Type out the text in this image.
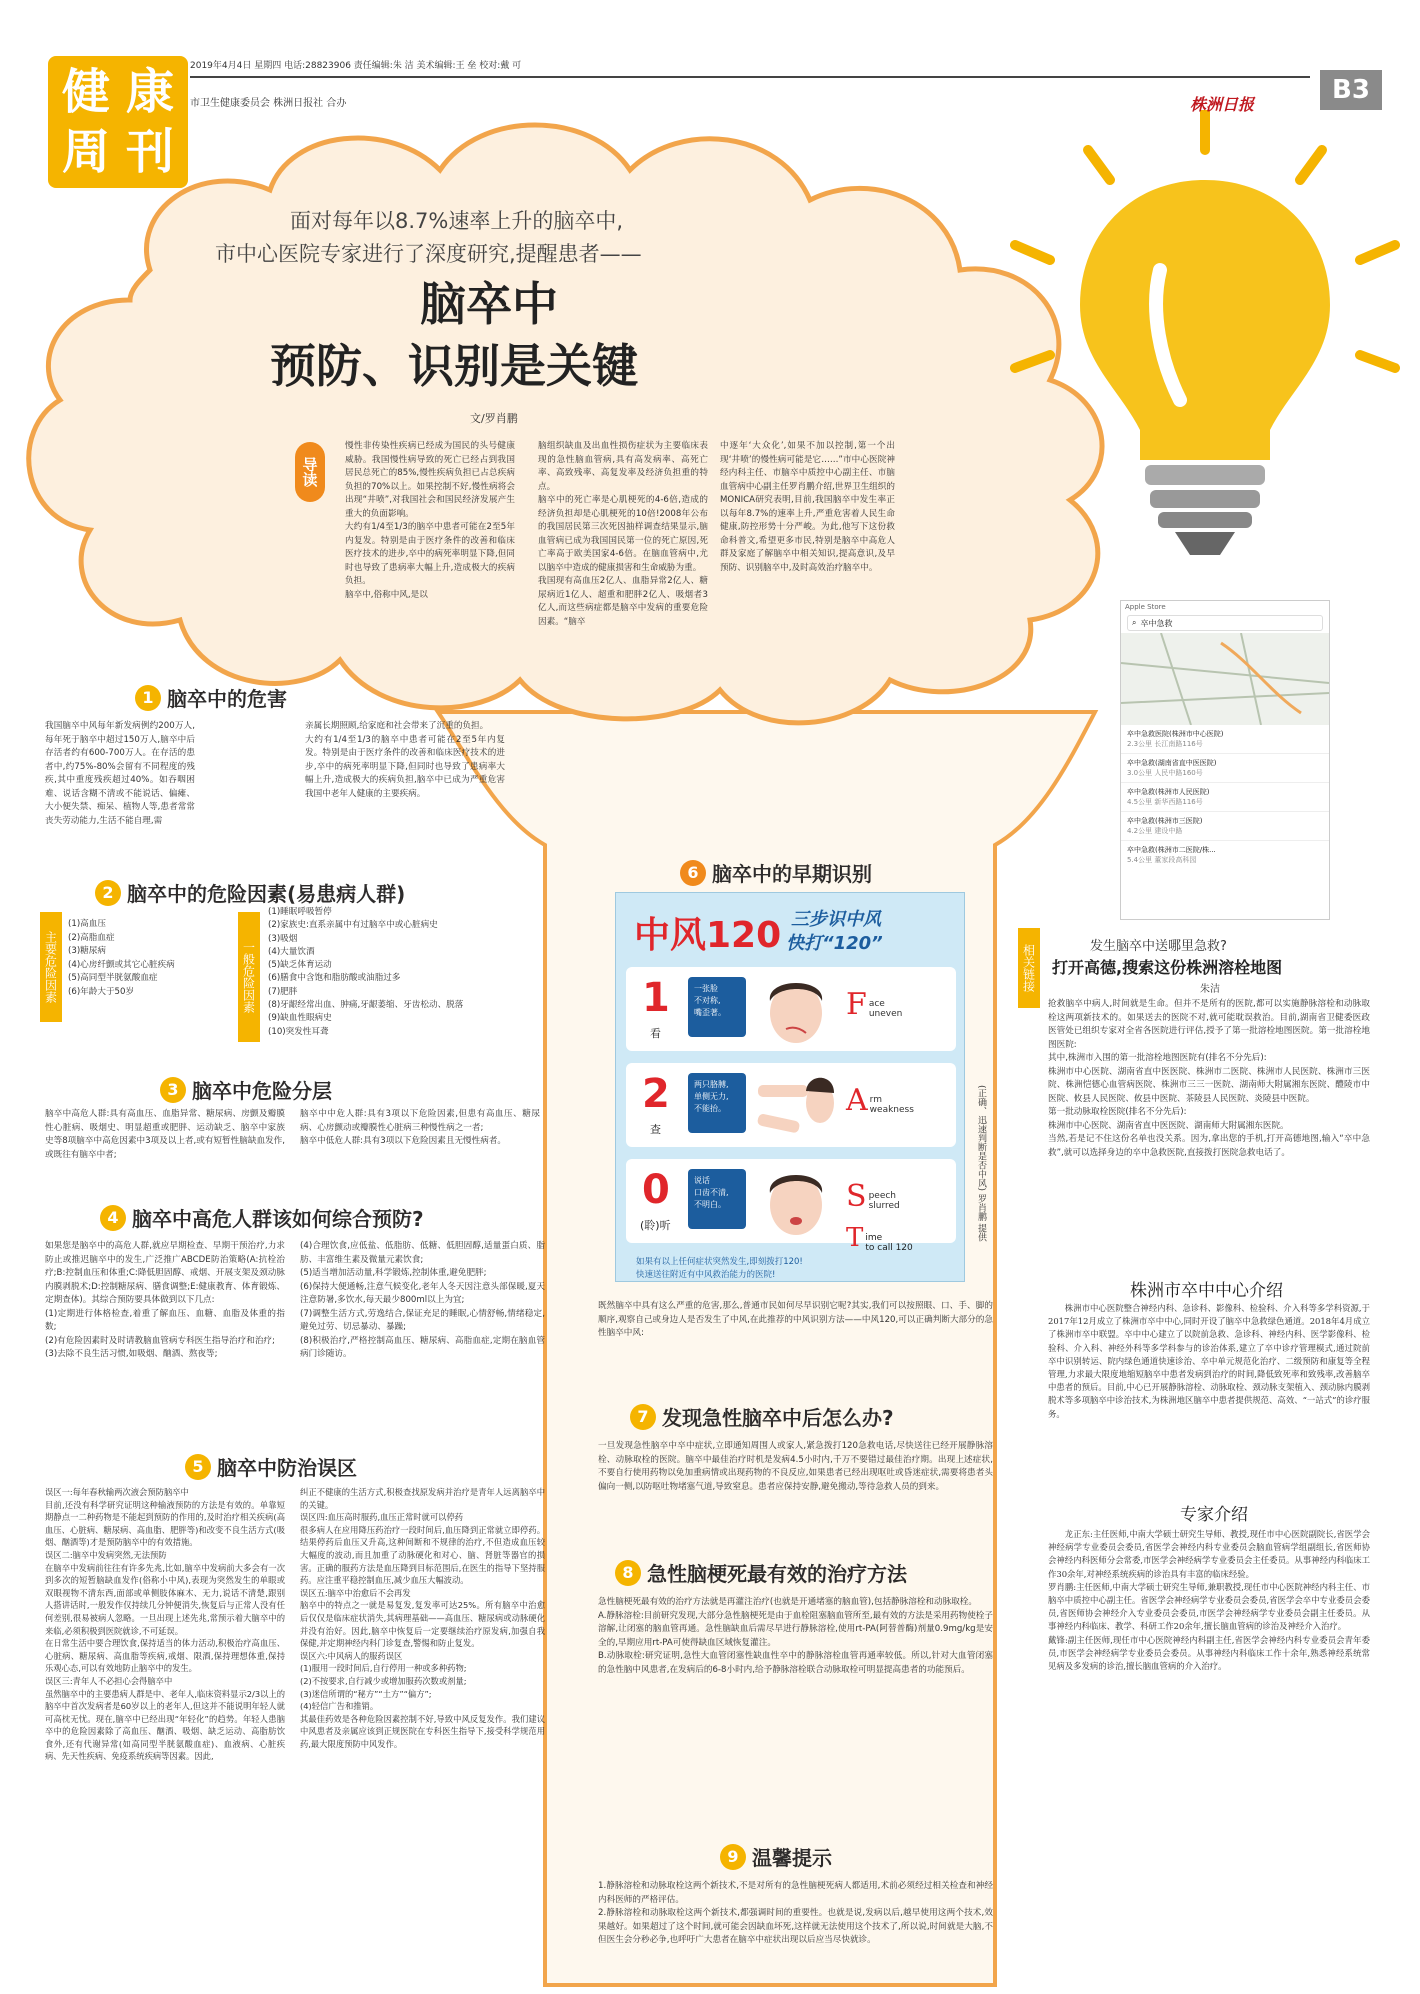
健 康
周 刊
2019年4月4日 星期四 电话:28823906 责任编辑:朱 洁 美术编辑:王 垒 校对:戴 可
市卫生健康委员会 株洲日报社 合办	株洲日报	B3
面对每年以8.7%速率上升的脑卒中,
市中心医院专家进行了深度研究,提醒患者——
脑卒中
预防、识别是关键
文/罗肖鹏
导读
慢性非传染性疾病已经成为国民的头号健康威胁。我国慢性病导致的死亡已经占到我国居民总死亡的85%,慢性疾病负担已占总疾病负担的70%以上。如果控制不好,慢性病将会出现“井喷”,对我国社会和国民经济发展产生重大的负面影响。
大约有1/4至1/3的脑卒中患者可能在2至5年内复发。特别是由于医疗条件的改善和临床医疗技术的进步,卒中的病死率明显下降,但同时也导致了患病率大幅上升,造成极大的疾病负担。
脑卒中,俗称中风,是以
脑组织缺血及出血性损伤症状为主要临床表现的急性脑血管病,具有高发病率、高死亡率、高致残率、高复发率及经济负担重的特点。
脑卒中的死亡率是心肌梗死的4-6倍,造成的经济负担却是心肌梗死的10倍!2008年公布的我国居民第三次死因抽样调查结果显示,脑血管病已成为我国国民第一位的死亡原因,死亡率高于欧美国家4-6倍。在脑血管病中,尤以脑卒中造成的健康损害和生命威胁为重。
我国现有高血压2亿人、血脂异常2亿人、糖尿病近1亿人、超重和肥胖2亿人、吸烟者3亿人,而这些病症都是脑卒中发病的重要危险因素。“脑卒
中逐年‘大众化’,如果不加以控制,第一个出现‘井喷’的慢性病可能是它……”市中心医院神经内科主任、市脑卒中质控中心副主任、市脑血管病中心副主任罗肖鹏介绍,世界卫生组织的MONICA研究表明,目前,我国脑卒中发生率正以每年8.7%的速率上升,严重危害着人民生命健康,防控形势十分严峻。为此,他写下这份救命科普文,希望更多市民,特别是脑卒中高危人群及家庭了解脑卒中相关知识,提高意识,及早预防、识别脑卒中,及时高效治疗脑卒中。
1 脑卒中的危害
我国脑卒中风每年新发病例约200万人,每年死于脑卒中超过150万人,脑卒中后存活者约有600-700万人。在存活的患者中,约75%-80%会留有不同程度的残疾,其中重度残疾超过40%。如吞咽困难、说话含糊不清或不能说话、偏瘫、大小便失禁、痴呆、植物人等,患者常常丧失劳动能力,生活不能自理,需
亲属长期照顾,给家庭和社会带来了沉重的负担。
大约有1/4至1/3的脑卒中患者可能在2至5年内复发。特别是由于医疗条件的改善和临床医疗技术的进步,卒中的病死率明显下降,但同时也导致了患病率大幅上升,造成极大的疾病负担,脑卒中已成为严重危害我国中老年人健康的主要疾病。
2 脑卒中的危险因素(易患病人群)
主要危险因素
(1)高血压
(2)高脂血症
(3)糖尿病
(4)心房纤颤或其它心脏疾病
(5)高同型半胱氨酸血症
(6)年龄大于50岁	一般危险因素
(1)睡眠呼吸暂停
(2)家族史:直系亲属中有过脑卒中或心脏病史
(3)吸烟
(4)大量饮酒
(5)缺乏体育运动
(6)膳食中含饱和脂肪酸或油脂过多
(7)肥胖
(8)牙龈经常出血、肿痛,牙龈萎缩、牙齿松动、脱落
(9)缺血性眼病史
(10)突发性耳聋
3 脑卒中危险分层
脑卒中高危人群:具有高血压、血脂异常、糖尿病、房颤及瓣膜性心脏病、吸烟史、明显超重或肥胖、运动缺乏、脑卒中家族史等8项脑卒中高危因素中3项及以上者,或有短暂性脑缺血发作,或既往有脑卒中者;
脑卒中中危人群:具有3项以下危险因素,但患有高血压、糖尿病、心房颤动或瓣膜性心脏病三种慢性病之一者;
脑卒中低危人群:具有3项以下危险因素且无慢性病者。
4 脑卒中高危人群该如何综合预防?
如果您是脑卒中的高危人群,就应早期检查、早期干预治疗,力求防止或推迟脑卒中的发生,广泛推广ABCDE防治策略(A:抗栓治疗;B:控制血压和体重;C:降低胆固醇、戒烟、开展支架及颈动脉内膜剥脱术;D:控制糖尿病、膳食调整;E:健康教育、体育锻炼、定期查体)。其综合预防要具体做到以下几点:
(1)定期进行体格检查,着重了解血压、血糖、血脂及体重的指数;
(2)有危险因素时及时请教脑血管病专科医生指导治疗和治疗;
(3)去除不良生活习惯,如吸烟、酗酒、熬夜等;
(4)合理饮食,应低盐、低脂肪、低糖、低胆固醇,适量蛋白质、脂肪、丰富维生素及微量元素饮食;
(5)适当增加活动量,科学锻炼,控制体重,避免肥胖;
(6)保持大便通畅,注意气候变化,老年人冬天因注意头部保暖,夏天注意防暑,多饮水,每天最少800ml以上为宜;
(7)调整生活方式,劳逸结合,保证充足的睡眠,心情舒畅,情绪稳定,避免过劳、切忌暴动、暴躁;
(8)积极治疗,严格控制高血压、糖尿病、高脂血症,定期在脑血管病门诊随访。
5 脑卒中防治误区
误区一:每年春秋输两次液会预防脑卒中
目前,还没有科学研究证明这种输液预防的方法是有效的。单靠短期静点一二种药物是不能起到预防的作用的,及时治疗相关疾病(高血压、心脏病、糖尿病、高血脂、肥胖等)和改变不良生活方式(吸烟、酗酒等)才是预防脑卒中的有效措施。
误区二:脑卒中发病突然,无法预防
在脑卒中发病前往往有许多先兆,比如,脑卒中发病前大多会有一次到多次的短暂脑缺血发作(俗称小中风),表现为突然发生的单眼或双眼视物不清东西,面部或单侧肢体麻木、无力,说话不清楚,跟别人搭讲话时,一般发作仅持续几分钟便消失,恢复后与正常人没有任何差别,很易被病人忽略。一旦出现上述先兆,常预示着大脑卒中的来临,必须积极到医院就诊,不可延误。
在日常生活中要合理饮食,保持适当的体力活动,积极治疗高血压、心脏病、糖尿病、高血脂等疾病,戒烟、限酒,保持理想体重,保持乐观心态,可以有效地防止脑卒中的发生。
误区三:青年人不必担心会得脑卒中
虽然脑卒中的主要患病人群是中、老年人,临床资料显示2/3以上的脑卒中首次发病者是60岁以上的老年人,但这并不能说明年轻人就可高枕无忧。现在,脑卒中已经出现“年轻化”的趋势。年轻人患脑卒中的危险因素除了高血压、酗酒、吸烟、缺乏运动、高脂肪饮食外,还有代谢异常(如高同型半胱氨酸血症)、血液病、心脏疾病、先天性疾病、免疫系统疾病等因素。因此,
纠正不健康的生活方式,积极查找原发病并治疗是青年人远离脑卒中的关键。
误区四:血压高时服药,血压正常时就可以停药
很多病人在应用降压药治疗一段时间后,血压降到正常就立即停药。结果停药后血压又升高,这种间断和不规律的治疗,不但造成血压较大幅度的波动,而且加重了动脉硬化和对心、脑、肾脏等器官的损害。正确的服药方法是血压降到目标范围后,在医生的指导下坚持服药。应注重平稳控制血压,减少血压大幅波动。
误区五:脑卒中治愈后不会再发
脑卒中的特点之一就是易复发,复发率可达25%。所有脑卒中治愈后仅仅是临床症状消失,其病理基础——高血压、糖尿病或动脉硬化并没有治好。因此,脑卒中恢复后一定要继续治疗原发病,加强自我保健,并定期神经内科门诊复查,警惕和防止复发。
误区六:中风病人的服药误区
(1)服用一段时间后,自行停用一种或多种药物;
(2)不按要求,自行减少或增加服药次数或剂量;
(3)迷信所谓的“秘方”“土方”“偏方”;
(4)轻信广告和推销。
其最佳药效是各种危险因素控制不好,导致中风反复发作。我们建议中风患者及亲属应该到正规医院在专科医生指导下,接受科学规范用药,最大限度预防中风发作。
6 脑卒中的早期识别
中风120 三步识中风
快打“120”
1
看
一张脸
不对称,
嘴歪著。	F ace
uneven
2
查
两只胳膊,
单侧无力,
不能抬。	A rm
weakness
0
(聆)听
说话
口齿不清,
不明白。	S peech
slurred
T ime
to call 120
如果有以上任何症状突然发生,即刻拨打120!
快速送往附近有中风救治能力的医院!
(正确、迅速判断是否中风) 罗肖鹏 提供
既然脑卒中具有这么严重的危害,那么,普通市民如何尽早识别它呢?其实,我们可以按照眼、口、手、脚的顺序,观察自己或身边人是否发生了中风,在此推荐的中风识别方法——中风120,可以正确判断大部分的急性脑卒中风:
7 发现急性脑卒中后怎么办?
一旦发现急性脑卒中卒中症状,立即通知周围人或家人,紧急拨打120急救电话,尽快送往已经开展静脉溶栓、动脉取栓的医院。脑卒中最佳治疗时机是发病4.5小时内,千万不要错过最佳治疗期。出现上述症状,不要自行使用药物以免加重病情或出现药物的不良反应,如果患者已经出现呕吐或昏迷症状,需要将患者头偏向一侧,以防呕吐物堵塞气道,导致窒息。患者应保持安静,避免搬动,等待急救人员的到来。
8 急性脑梗死最有效的治疗方法
急性脑梗死最有效的治疗方法就是再灌注治疗(也就是开通堵塞的脑血管),包括静脉溶栓和动脉取栓。
A.静脉溶栓:目前研究发现,大部分急性脑梗死是由于血栓阻塞脑血管所至,最有效的方法是采用药物使栓子溶解,让闭塞的脑血管再通。急性脑缺血后需尽早进行静脉溶栓,使用rt-PA(阿替普酶)剂量0.9mg/kg是安全的,早期应用rt-PA可使得缺血区域恢复灌注。
B.动脉取栓:研究证明,急性大血管闭塞性缺血性卒中的静脉溶栓血管再通率较低。所以,针对大血管闭塞的急性脑中风患者,在发病后的6-8小时内,给予静脉溶栓联合动脉取栓可明显提高患者的功能预后。
9 温馨提示
1.静脉溶栓和动脉取栓这两个新技术,不是对所有的急性脑梗死病人都适用,术前必须经过相关检查和神经内科医师的严格评估。
2.静脉溶栓和动脉取栓这两个新技术,都强调时间的重要性。也就是说,发病以后,越早使用这两个技术,效果越好。如果超过了这个时间,就可能会因缺血坏死,这样就无法使用这个技术了,所以说,时间就是大脑,不但医生会分秒必争,也呼吁广大患者在脑卒中症状出现以后应当尽快就诊。
相关链接
Apple Store
⌕ 卒中急救
卒中急救医院(株洲市中心医院)
2.3公里 长江南路116号
卒中急救(湖南省直中医医院)
3.0公里 人民中路160号
卒中急救(株洲市人民医院)
4.5公里 新华西路116号
卒中急救(株洲市三医院)
4.2公里 建设中路
卒中急救(株洲市二医院/株...
5.4公里 董家段高科园
发生脑卒中送哪里急救?
打开高德,搜索这份株洲溶栓地图
朱洁
抢救脑卒中病人,时间就是生命。但并不是所有的医院,都可以实施静脉溶栓和动脉取栓这两项新技术的。如果送去的医院不对,就可能耽误救治。目前,湖南省卫健委医政医管处已组织专家对全省各医院进行评估,授予了第一批溶栓地图医院。第一批溶栓地图医院:
其中,株洲市入围的第一批溶栓地图医院有(排名不分先后):
株洲市中心医院、湖南省直中医医院、株洲市二医院、株洲市人民医院、株洲市三医院、株洲恺德心血管病医院、株洲市三三一医院、湖南师大附属湘东医院、醴陵市中医院、攸县人民医院、攸县中医院、茶陵县人民医院、炎陵县中医院。
第一批动脉取栓医院(排名不分先后):
株洲市中心医院、湖南省直中医医院、湖南师大附属湘东医院。
当然,若是记不住这份名单也没关系。因为,拿出您的手机,打开高德地图,输入“卒中急救”,就可以选择身边的卒中急救医院,直接拨打医院急救电话了。
株洲市卒中中心介绍

株洲市中心医院整合神经内科、急诊科、影像科、检验科、介入科等多学科资源,于2017年12月成立了株洲市卒中中心,同时开设了脑卒中急救绿色通道。2018年4月成立了株洲市卒中联盟。卒中中心建立了以院前急救、急诊科、神经内科、医学影像科、检验科、介入科、神经外科等多学科参与的诊治体系,建立了卒中诊疗管理模式,通过院前卒中识别转运、院内绿色通道快速诊治、卒中单元规范化治疗、二级预防和康复等全程管理,力求最大限度地缩短脑卒中患者发病到治疗的时间,降低致死率和致残率,改善脑卒中患者的预后。目前,中心已开展静脉溶栓、动脉取栓、颈动脉支架植入、颈动脉内膜剥脱术等多项脑卒中诊治技术,为株洲地区脑卒中患者提供规范、高效、“一站式”的诊疗服务。

专家介绍

龙正东:主任医师,中南大学硕士研究生导师、教授,现任市中心医院副院长,省医学会神经病学专业委员会委员,省医学会神经内科专业委员会脑血管病学组副组长,省医师协会神经内科医师分会常委,市医学会神经病学专业委员会主任委员。从事神经内科临床工作30余年,对神经系统疾病的诊治具有丰富的临床经验。
罗肖鹏:主任医师,中南大学硕士研究生导师,兼职教授,现任市中心医院神经内科主任、市脑卒中质控中心副主任。省医学会神经病学专业委员会委员,省医学会卒中专业委员会委员,省医师协会神经介入专业委员会委员,市医学会神经病学专业委员会副主任委员。从事神经内科临床、教学、科研工作20余年,擅长脑血管病的诊治及神经介入治疗。
戴锋:副主任医师,现任市中心医院神经内科副主任,省医学会神经内科专业委员会青年委员,市医学会神经病学专业委员会委员。从事神经内科临床工作十余年,熟悉神经系统常见病及多发病的诊治,擅长脑血管病的介入治疗。
